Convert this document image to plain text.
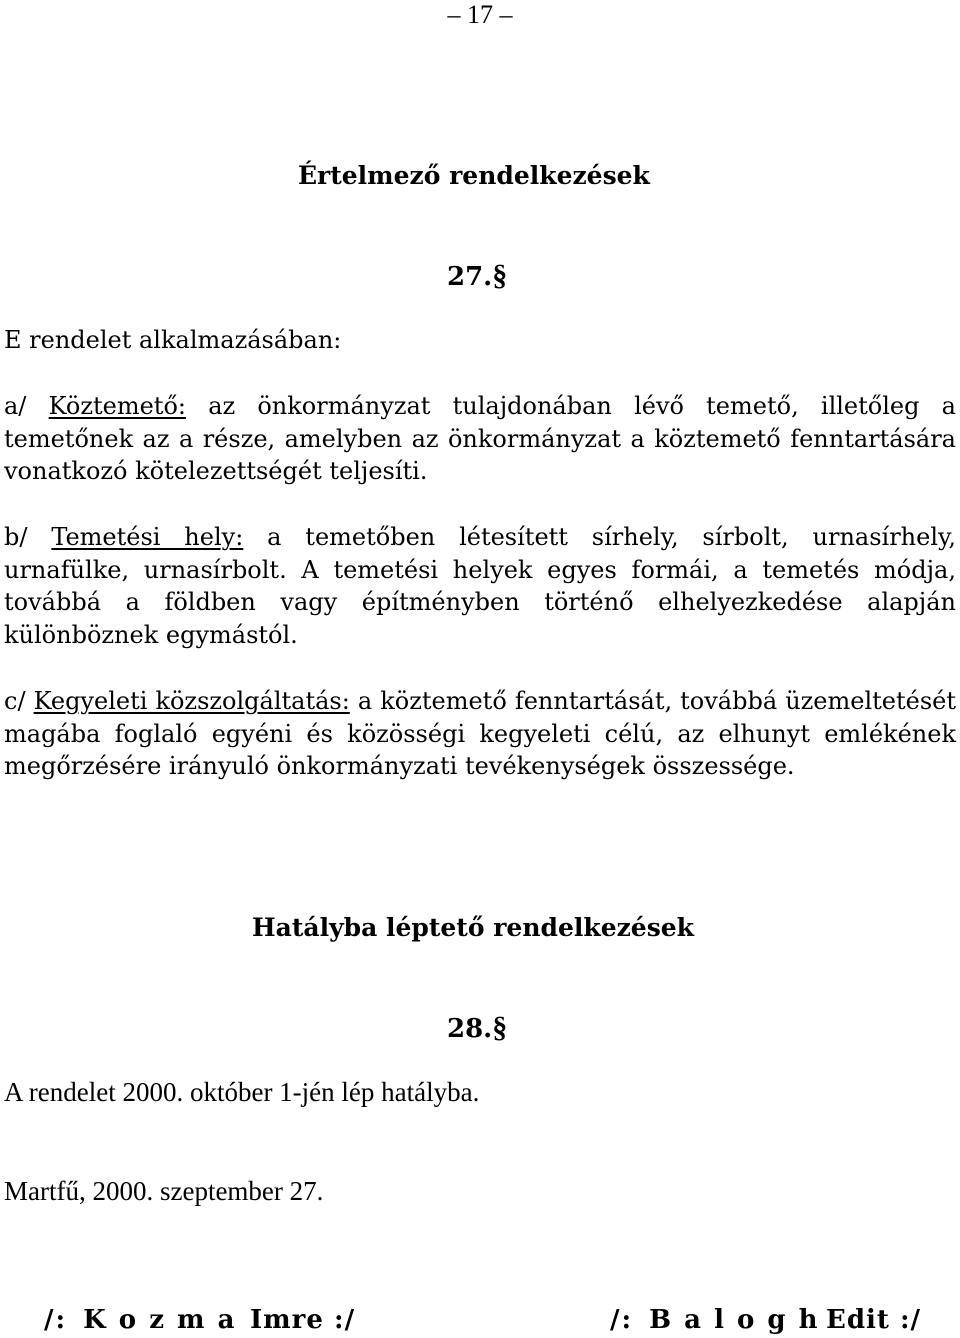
– 17 –
Értelmező rendelkezések
27.§
E rendelet alkalmazásában:
a/ Köztemető: az önkormányzat tulajdonában lévő temető, illetőleg a temetőnek az a része, amelyben az önkormányzat a köztemető fenntartására vonatkozó kötelezettségét teljesíti.
b/ Temetési hely: a temetőben létesített sírhely, sírbolt, urnasírhely, urnafülke, urnasírbolt. A temetési helyek egyes formái, a temetés módja, továbbá a földben vagy építményben történő elhelyezkedése alapján különböznek egymástól.
c/ Kegyeleti közszolgáltatás: a köztemető fenntartását, továbbá üzemeltetését magába foglaló egyéni és közösségi kegyeleti célú, az elhunyt emlékének megőrzésére irányuló önkormányzati tevékenységek összessége.
Hatályba léptető rendelkezések
28.§
A rendelet 2000. október 1-jén lép hatályba.
Martfű, 2000. szeptember 27.
/: K o z m a Imre :/	/: B a l o g h Edit :/
